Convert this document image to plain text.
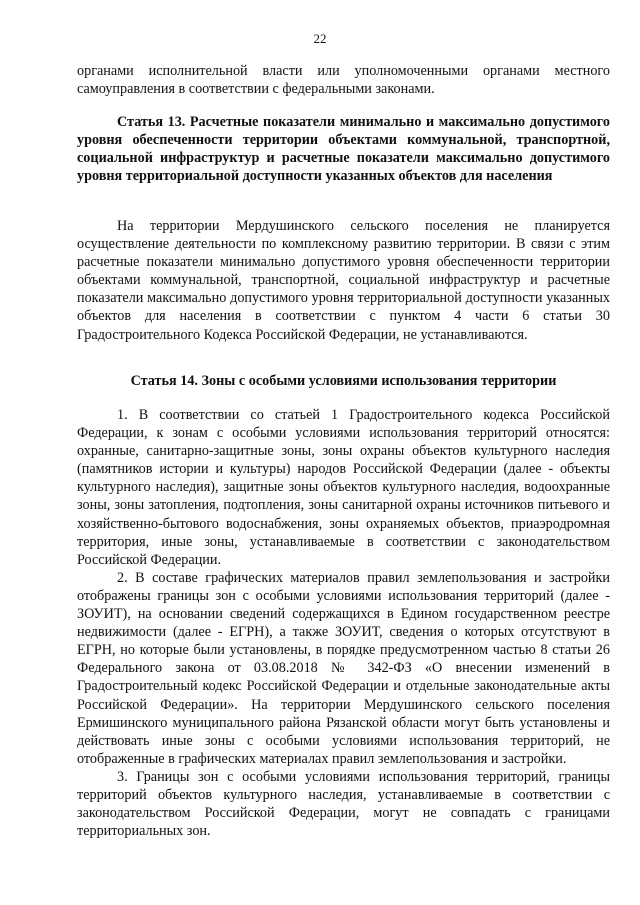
22

органами исполнительной власти или уполномоченными органами местного самоуправления в соответствии с федеральными законами.

Статья 13. Расчетные показатели минимально и максимально допустимого уровня обеспеченности территории объектами коммунальной, транспортной, социальной инфраструктур и расчетные показатели максимально допустимого уровня территориальной доступности указанных объектов для населения

На территории Мердушинского сельского поселения не планируется осуществление деятельности по комплексному развитию территории. В связи с этим расчетные показатели минимально допустимого уровня обеспеченности территории объектами коммунальной, транспортной, социальной инфраструктур и расчетные показатели максимально допустимого уровня территориальной доступности указанных объектов для населения в соответствии с пунктом 4 части 6 статьи 30 Градостроительного Кодекса Российской Федерации, не устанавливаются.

Статья 14. Зоны с особыми условиями использования территории

1. В соответствии со статьей 1 Градостроительного кодекса Российской Федерации, к зонам с особыми условиями использования территорий относятся: охранные, санитарно-защитные зоны, зоны охраны объектов культурного наследия (памятников истории и культуры) народов Российской Федерации (далее - объекты культурного наследия), защитные зоны объектов культурного наследия, водоохранные зоны, зоны затопления, подтопления, зоны санитарной охраны источников питьевого и хозяйственно-бытового водоснабжения, зоны охраняемых объектов, приаэродромная территория, иные зоны, устанавливаемые в соответствии с законодательством Российской Федерации.

2. В составе графических материалов правил землепользования и застройки отображены границы зон с особыми условиями использования территорий (далее - ЗОУИТ), на основании сведений содержащихся в Едином государственном реестре недвижимости (далее - ЕГРН), а также ЗОУИТ, сведения о которых отсутствуют в ЕГРН, но которые были установлены, в порядке предусмотренном частью 8 статьи 26 Федерального закона от 03.08.2018 № 342-ФЗ «О внесении изменений в Градостроительный кодекс Российской Федерации и отдельные законодательные акты Российской Федерации». На территории Мердушинского сельского поселения Ермишинского муниципального района Рязанской области могут быть установлены и действовать иные зоны с особыми условиями использования территорий, не отображенные в графических материалах правил землепользования и застройки.

3. Границы зон с особыми условиями использования территорий, границы территорий объектов культурного наследия, устанавливаемые в соответствии с законодательством Российской Федерации, могут не совпадать с границами территориальных зон.
